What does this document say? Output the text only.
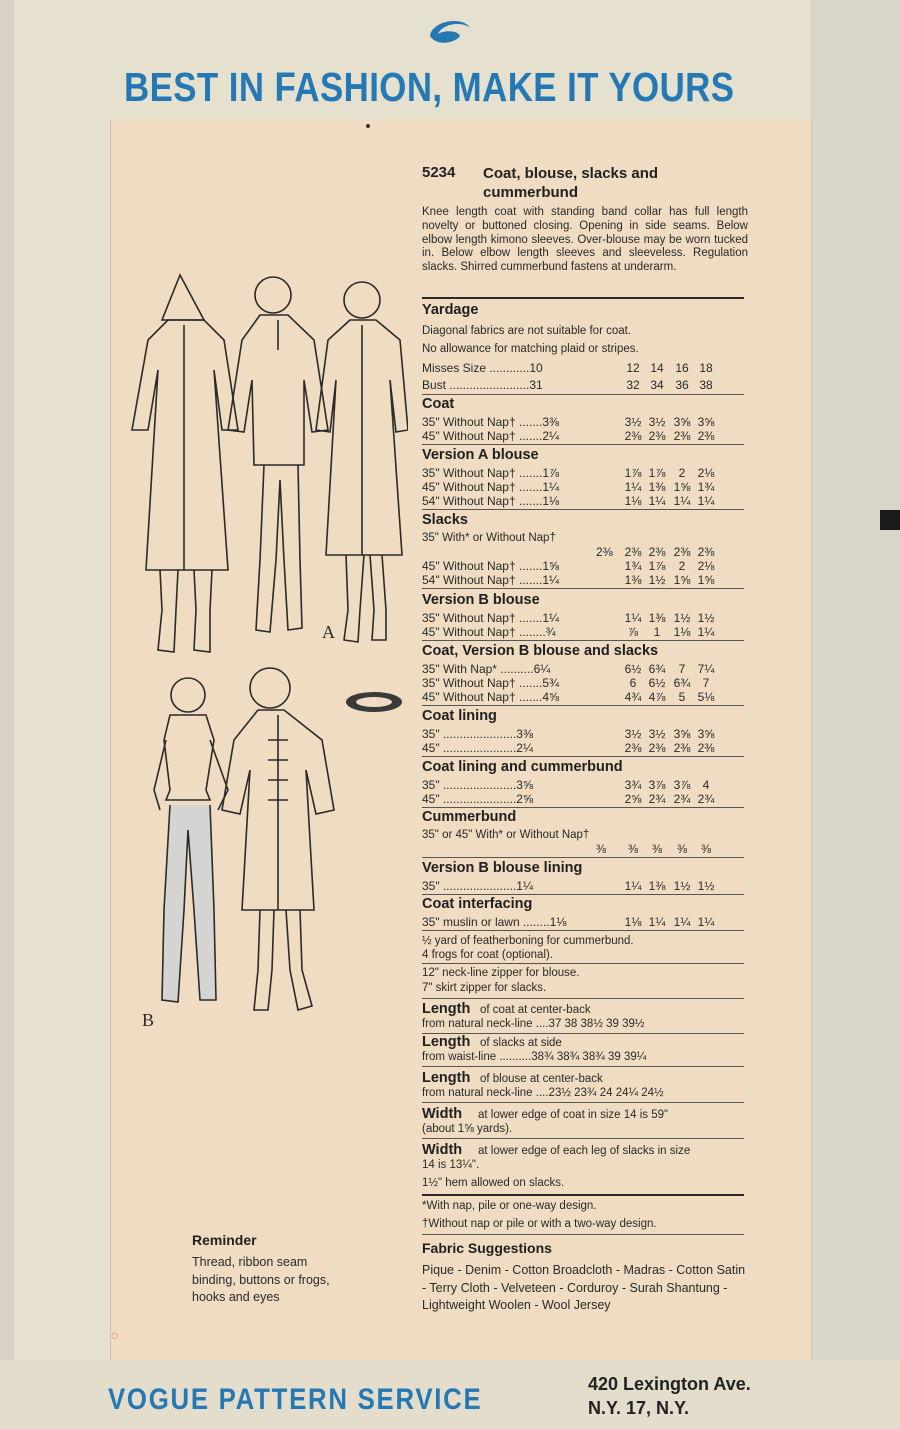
BEST IN FASHION, MAKE IT YOURS
5234 Coat, blouse, slacks and cummerbund
Knee length coat with standing band collar has full length novelty or buttoned closing. Opening in side seams. Below elbow length kimono sleeves. Over-blouse may be worn tucked in. Below elbow length sleeves and sleeveless. Regulation slacks. Shirred cummerbund fastens at underarm.
Yardage
Diagonal fabrics are not suitable for coat.
No allowance for matching plaid or stripes.
Misses Size ............10	12 14 16 18
Bust ........................31	32 34 36 38
Coat
35" Without Nap† .......3⅜	3½ 3½ 3⅝ 3⅝
45" Without Nap† .......2¼	2⅜ 2⅜ 2⅜ 2⅜
Version A blouse
35" Without Nap† .......1⅞	1⅞ 1⅞	2	2⅛
45" Without Nap† .......1¼	1¼ 1⅜ 1⅝ 1¾
54" Without Nap† .......1⅛	1⅛ 1¼ 1¼ 1¼
Slacks
35" With* or Without Nap†
2⅜ 2⅜ 2⅜ 2⅜ 2⅜
45" Without Nap† .......1⅝	1¾ 1⅞	2	2⅛
54" Without Nap† .......1¼	1⅜ 1½ 1⅝ 1⅝
Version B blouse
35" Without Nap† .......1¼	1¼ 1⅜ 1½ 1½
45" Without Nap† ........¾	⅞	1	1⅛ 1¼
Coat, Version B blouse and slacks
35" With Nap* ..........6¼	6½ 6¾	7	7¼
35" Without Nap† .......5¾	6	6½ 6¾	7
45" Without Nap† .......4⅝	4¾ 4⅞	5	5⅛
Coat lining
35" ......................3⅜	3½ 3½ 3⅝ 3⅝
45" ......................2¼	2⅜ 2⅜ 2⅜ 2⅜
Coat lining and cummerbund
35" ......................3⅝	3¾ 3⅞ 3⅞	4
45" ......................2⅝	2⅝ 2¾ 2¾ 2¾
Cummerbund
35" or 45" With* or Without Nap†
⅜	⅜	⅜	⅜	⅜
Version B blouse lining
35" ......................1¼	1¼ 1⅜ 1½ 1½
Coat interfacing
35" muslin or lawn ........1⅛	1⅛ 1¼ 1¼ 1¼
½ yard of featherboning for cummerbund.
4 frogs for coat (optional).
12" neck-line zipper for blouse.
7" skirt zipper for slacks.
Length of coat at center-back
from natural neck-line ....37 38 38½ 39 39½
Length of slacks at side
from waist-line ..........38¾ 38¾ 38¾ 39 39¼
Length of blouse at center-back
from natural neck-line ....23½ 23¾ 24 24¼ 24½
Width at lower edge of coat in size 14 is 59"
(about 1⅝ yards).
Width at lower edge of each leg of slacks in size
14 is 13¼".
1½" hem allowed on slacks.
*With nap, pile or one-way design.
†Without nap or pile or with a two-way design.
Fabric Suggestions
Pique - Denim - Cotton Broadcloth - Madras - Cotton Satin - Terry Cloth - Velveteen - Corduroy - Surah Shantung - Lightweight Woolen - Wool Jersey
Reminder
Thread, ribbon seam binding, buttons or frogs, hooks and eyes
A
B
◦
VOGUE PATTERN SERVICE	420 Lexington Ave.
N.Y. 17, N.Y.
